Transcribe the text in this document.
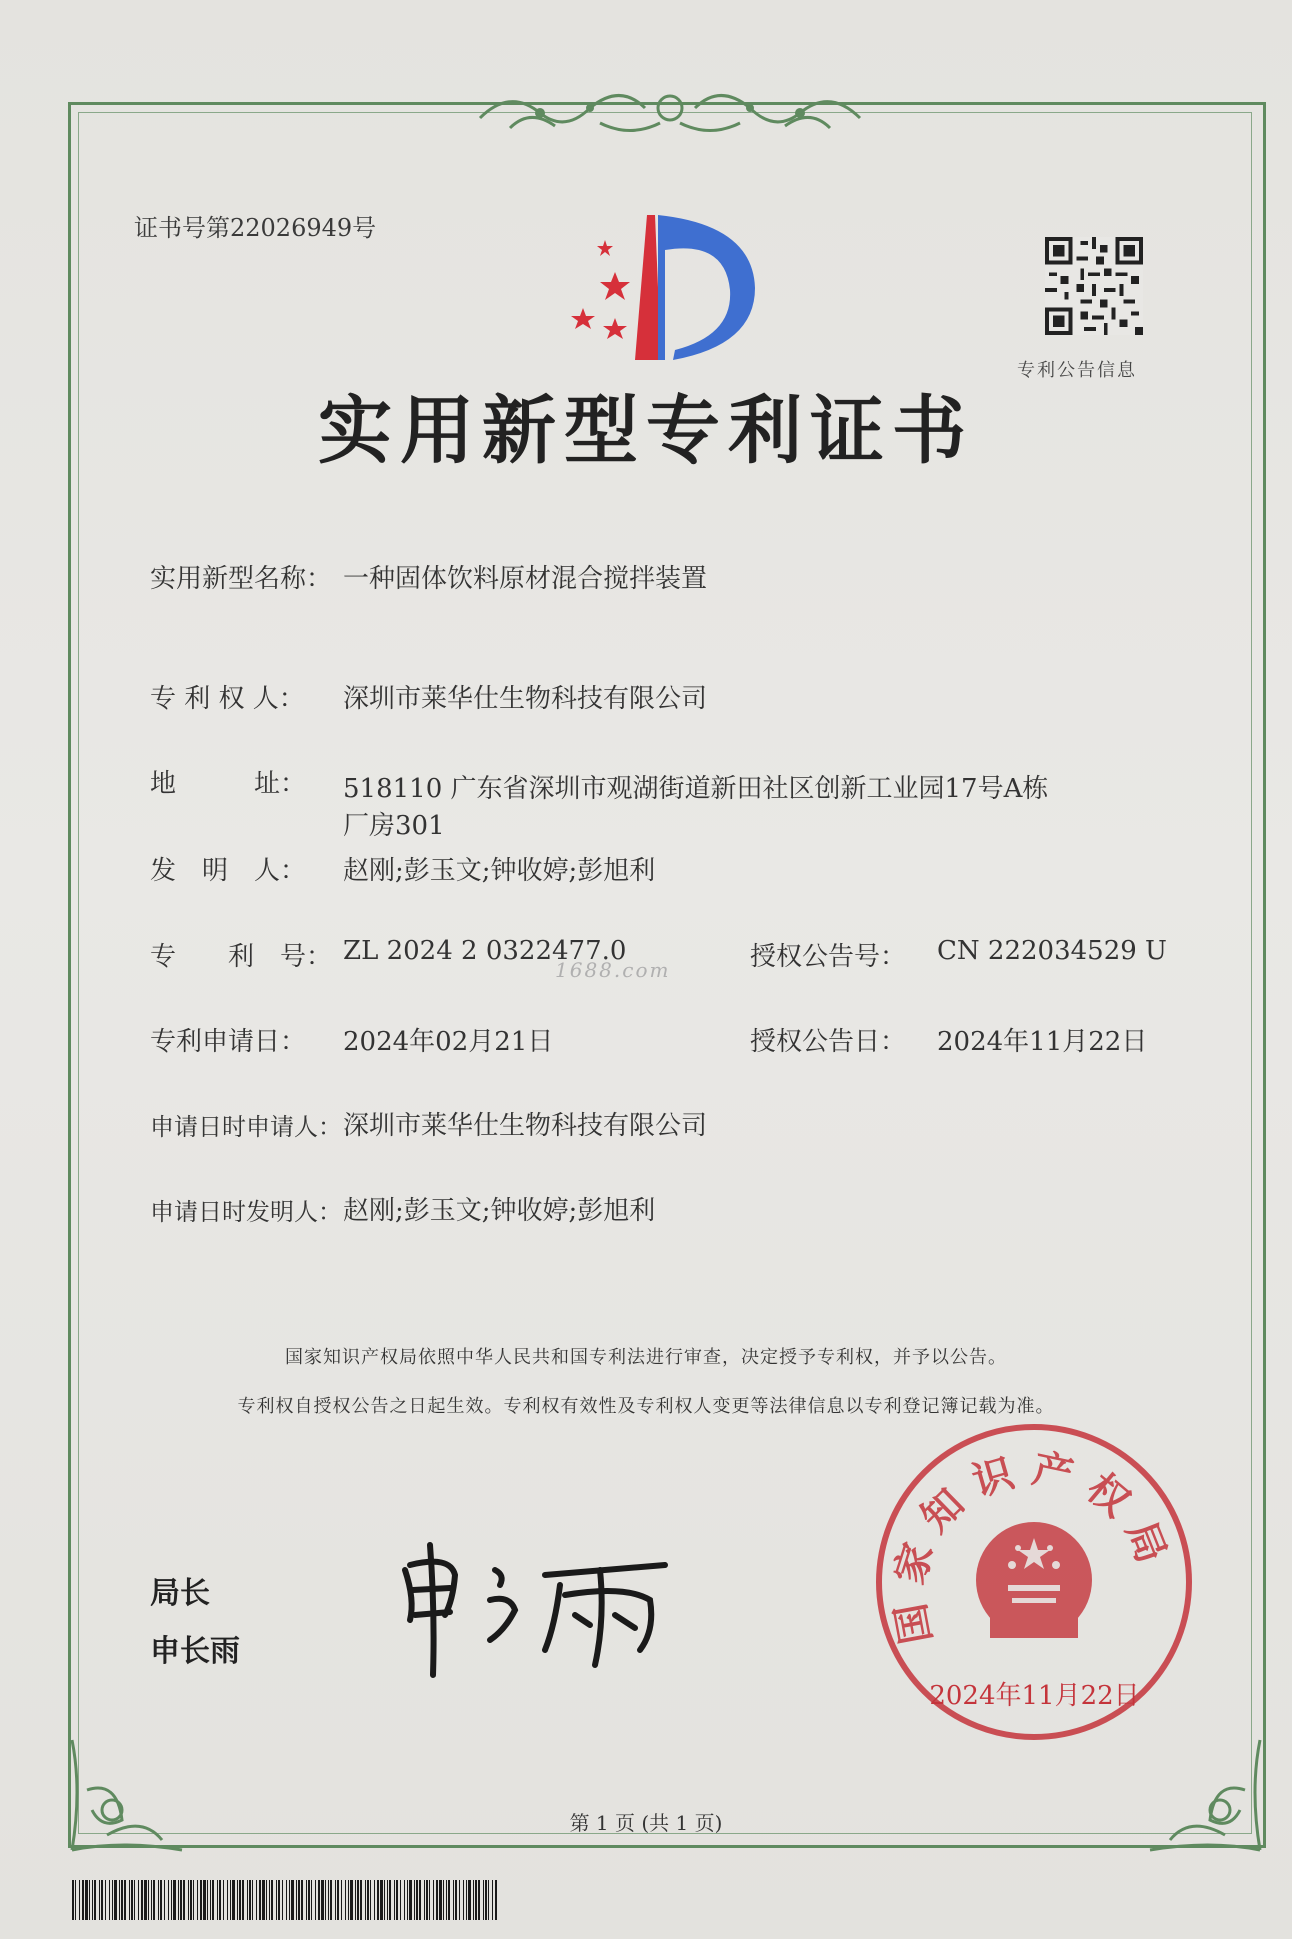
证书号第22026949号
专利公告信息
实用新型专利证书
实用新型名称： 一种固体饮料原材混合搅拌装置
专 利 权 人： 深圳市莱华仕生物科技有限公司
地　　　址： 518110 广东省深圳市观湖街道新田社区创新工业园17号A栋
厂房301
发　明　人： 赵刚;彭玉文;钟收婷;彭旭利
专　　利　号： ZL 2024 2 0322477.0	授权公告号： CN 222034529 U
专利申请日： 2024年02月21日	授权公告日： 2024年11月22日
申请日时申请人： 深圳市莱华仕生物科技有限公司
申请日时发明人： 赵刚;彭玉文;钟收婷;彭旭利
1688.com
国家知识产权局依照中华人民共和国专利法进行审查，决定授予专利权，并予以公告。
专利权自授权公告之日起生效。专利权有效性及专利权人变更等法律信息以专利登记簿记载为准。
局长
申长雨
国家知识产权局
2024年11月22日
第 1 页 (共 1 页)
